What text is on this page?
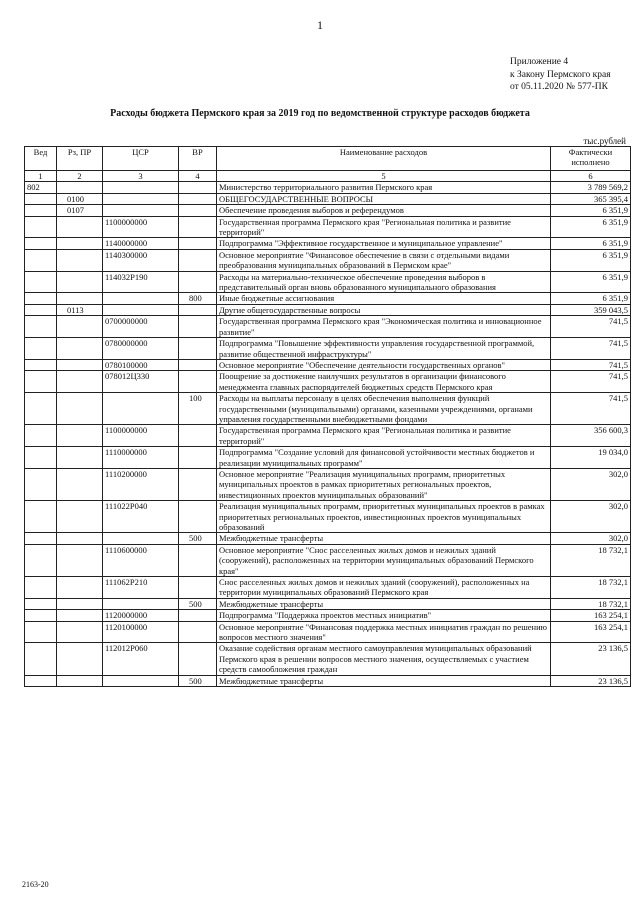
1
Приложение 4
к Закону Пермского края
от 05.11.2020 № 577-ПК
Расходы бюджета Пермского края за 2019 год по ведомственной структуре расходов бюджета
тыс.рублей
Вед	Рз, ПР	ЦСР	ВР	Наименование расходов	Фактически исполнено
1	2	3	4	5	6
802				Министерство территориального развития Пермского края	3 789 569,2
	0100			ОБЩЕГОСУДАРСТВЕННЫЕ ВОПРОСЫ	365 395,4
	0107			Обеспечение проведения выборов и референдумов	6 351,9
		1100000000		Государственная программа Пермского края "Региональная политика и развитие территорий"	6 351,9
		1140000000		Подпрограмма "Эффективное государственное и муниципальное управление"	6 351,9
		1140300000		Основное мероприятие "Финансовое обеспечение в связи с отдельными видами преобразования муниципальных образований в Пермском крае"	6 351,9
		114032Р190		Расходы на материально-техническое обеспечение проведения выборов в представительный орган вновь образованного муниципального образования	6 351,9
			800	Иные бюджетные ассигнования	6 351,9
	0113			Другие общегосударственные вопросы	359 043,5
		0700000000		Государственная программа Пермского края "Экономическая политика и инновационное развитие"	741,5
		0780000000		Подпрограмма "Повышение эффективности управления государственной программой, развитие общественной инфраструктуры"	741,5
		0780100000		Основное мероприятие "Обеспечение деятельности государственных органов"	741,5
		078012Ц330		Поощрение за достижение наилучших результатов в организации финансового менеджмента главных распорядителей бюджетных средств Пермского края	741,5
			100	Расходы на выплаты персоналу в целях обеспечения выполнения функций государственными (муниципальными) органами, казенными учреждениями, органами управления государственными внебюджетными фондами	741,5
		1100000000		Государственная программа Пермского края "Региональная политика и развитие территорий"	356 600,3
		1110000000		Подпрограмма "Создание условий для финансовой устойчивости местных бюджетов и реализации муниципальных программ"	19 034,0
		1110200000		Основное мероприятие "Реализация муниципальных программ, приоритетных муниципальных проектов в рамках приоритетных региональных проектов, инвестиционных проектов муниципальных образований"	302,0
		111022Р040		Реализация муниципальных программ, приоритетных муниципальных проектов в рамках приоритетных региональных проектов, инвестиционных проектов муниципальных образований	302,0
			500	Межбюджетные трансферты	302,0
		1110600000		Основное мероприятие "Снос расселенных жилых домов и нежилых зданий (сооружений), расположенных на территории муниципальных образований Пермского края"	18 732,1
		111062Р210		Снос расселенных жилых домов и нежилых зданий (сооружений), расположенных на территории муниципальных образований Пермского края	18 732,1
			500	Межбюджетные трансферты	18 732,1
		1120000000		Подпрограмма "Поддержка проектов местных инициатив"	163 254,1
		1120100000		Основное мероприятие "Финансовая поддержка местных инициатив граждан по решению вопросов местного значения"	163 254,1
		112012Р060		Оказание содействия органам местного самоуправления муниципальных образований Пермского края в решении вопросов местного значения, осуществляемых с участием средств самообложения граждан	23 136,5
			500	Межбюджетные трансферты	23 136,5
2163-20
